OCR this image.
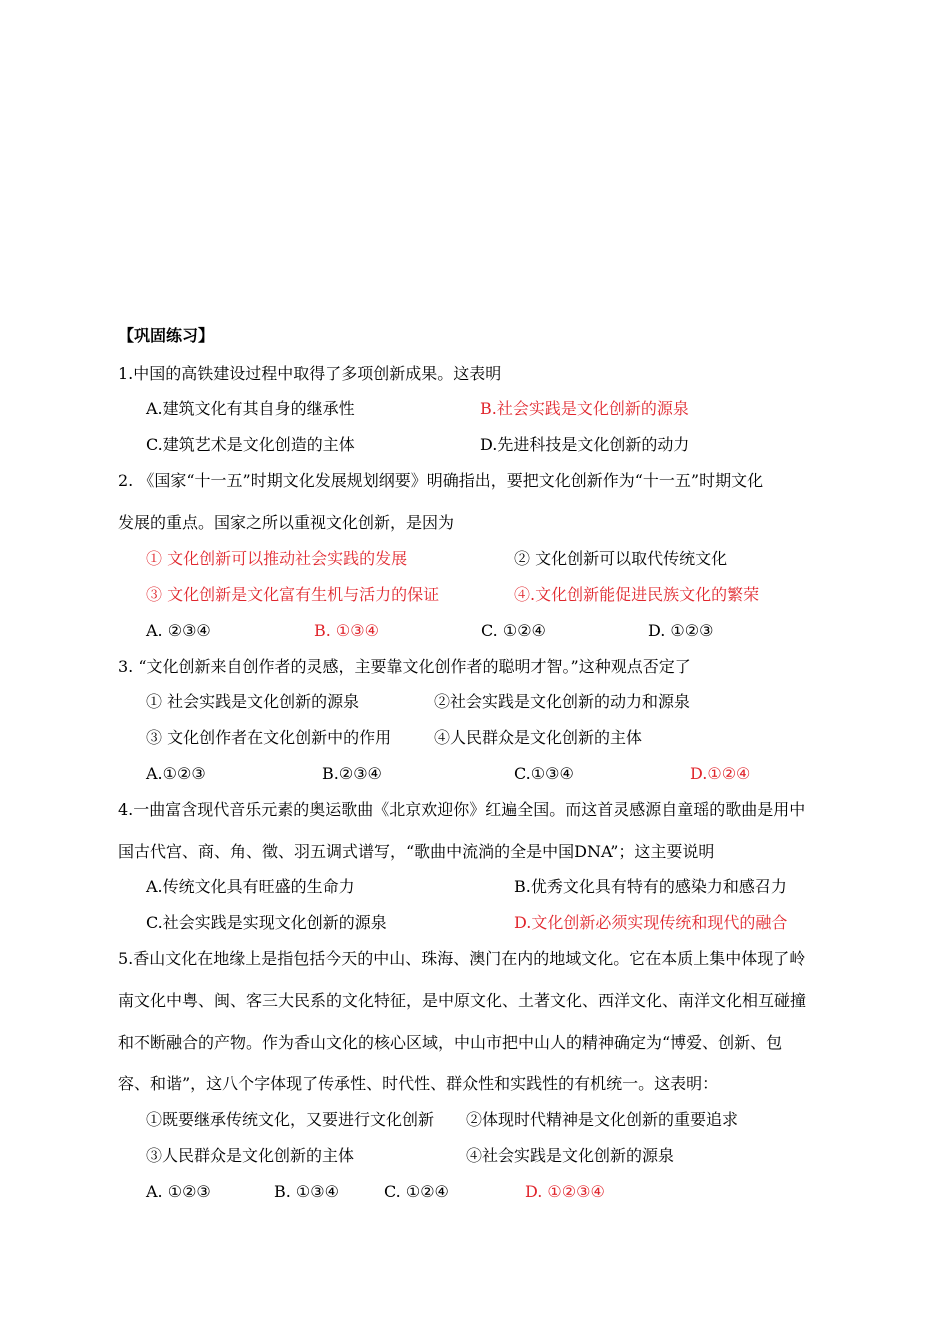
【巩固练习】
1.中国的高铁建设过程中取得了多项创新成果。这表明
A.建筑文化有其自身的继承性	B.社会实践是文化创新的源泉
C.建筑艺术是文化创造的主体	D.先进科技是文化创新的动力
2. 《国家“十一五”时期文化发展规划纲要》明确指出，要把文化创新作为“十一五”时期文化
发展的重点。国家之所以重视文化创新，是因为
① 文化创新可以推动社会实践的发展	② 文化创新可以取代传统文化
③ 文化创新是文化富有生机与活力的保证	④.文化创新能促进民族文化的繁荣
A. ②③④	B. ①③④	C. ①②④	D. ①②③
3. “文化创新来自创作者的灵感，主要靠文化创作者的聪明才智。”这种观点否定了
① 社会实践是文化创新的源泉	②社会实践是文化创新的动力和源泉
③ 文化创作者在文化创新中的作用	④人民群众是文化创新的主体
A.①②③	B.②③④	C.①③④	D.①②④
4.一曲富含现代音乐元素的奥运歌曲《北京欢迎你》红遍全国。而这首灵感源自童瑶的歌曲是用中
国古代宫、商、角、徵、羽五调式谱写，“歌曲中流淌的全是中国DNA”；这主要说明
A.传统文化具有旺盛的生命力	B.优秀文化具有特有的感染力和感召力
C.社会实践是实现文化创新的源泉	D.文化创新必须实现传统和现代的融合
5.香山文化在地缘上是指包括今天的中山、珠海、澳门在内的地域文化。它在本质上集中体现了岭
南文化中粤、闽、客三大民系的文化特征，是中原文化、土著文化、西洋文化、南洋文化相互碰撞
和不断融合的产物。作为香山文化的核心区域，中山市把中山人的精神确定为“博爱、创新、包
容、和谐”，这八个字体现了传承性、时代性、群众性和实践性的有机统一。这表明：
①既要继承传统文化，又要进行文化创新 ②体现时代精神是文化创新的重要追求
③人民群众是文化创新的主体	④社会实践是文化创新的源泉
A. ①②③	B. ①③④	C. ①②④	D. ①②③④
